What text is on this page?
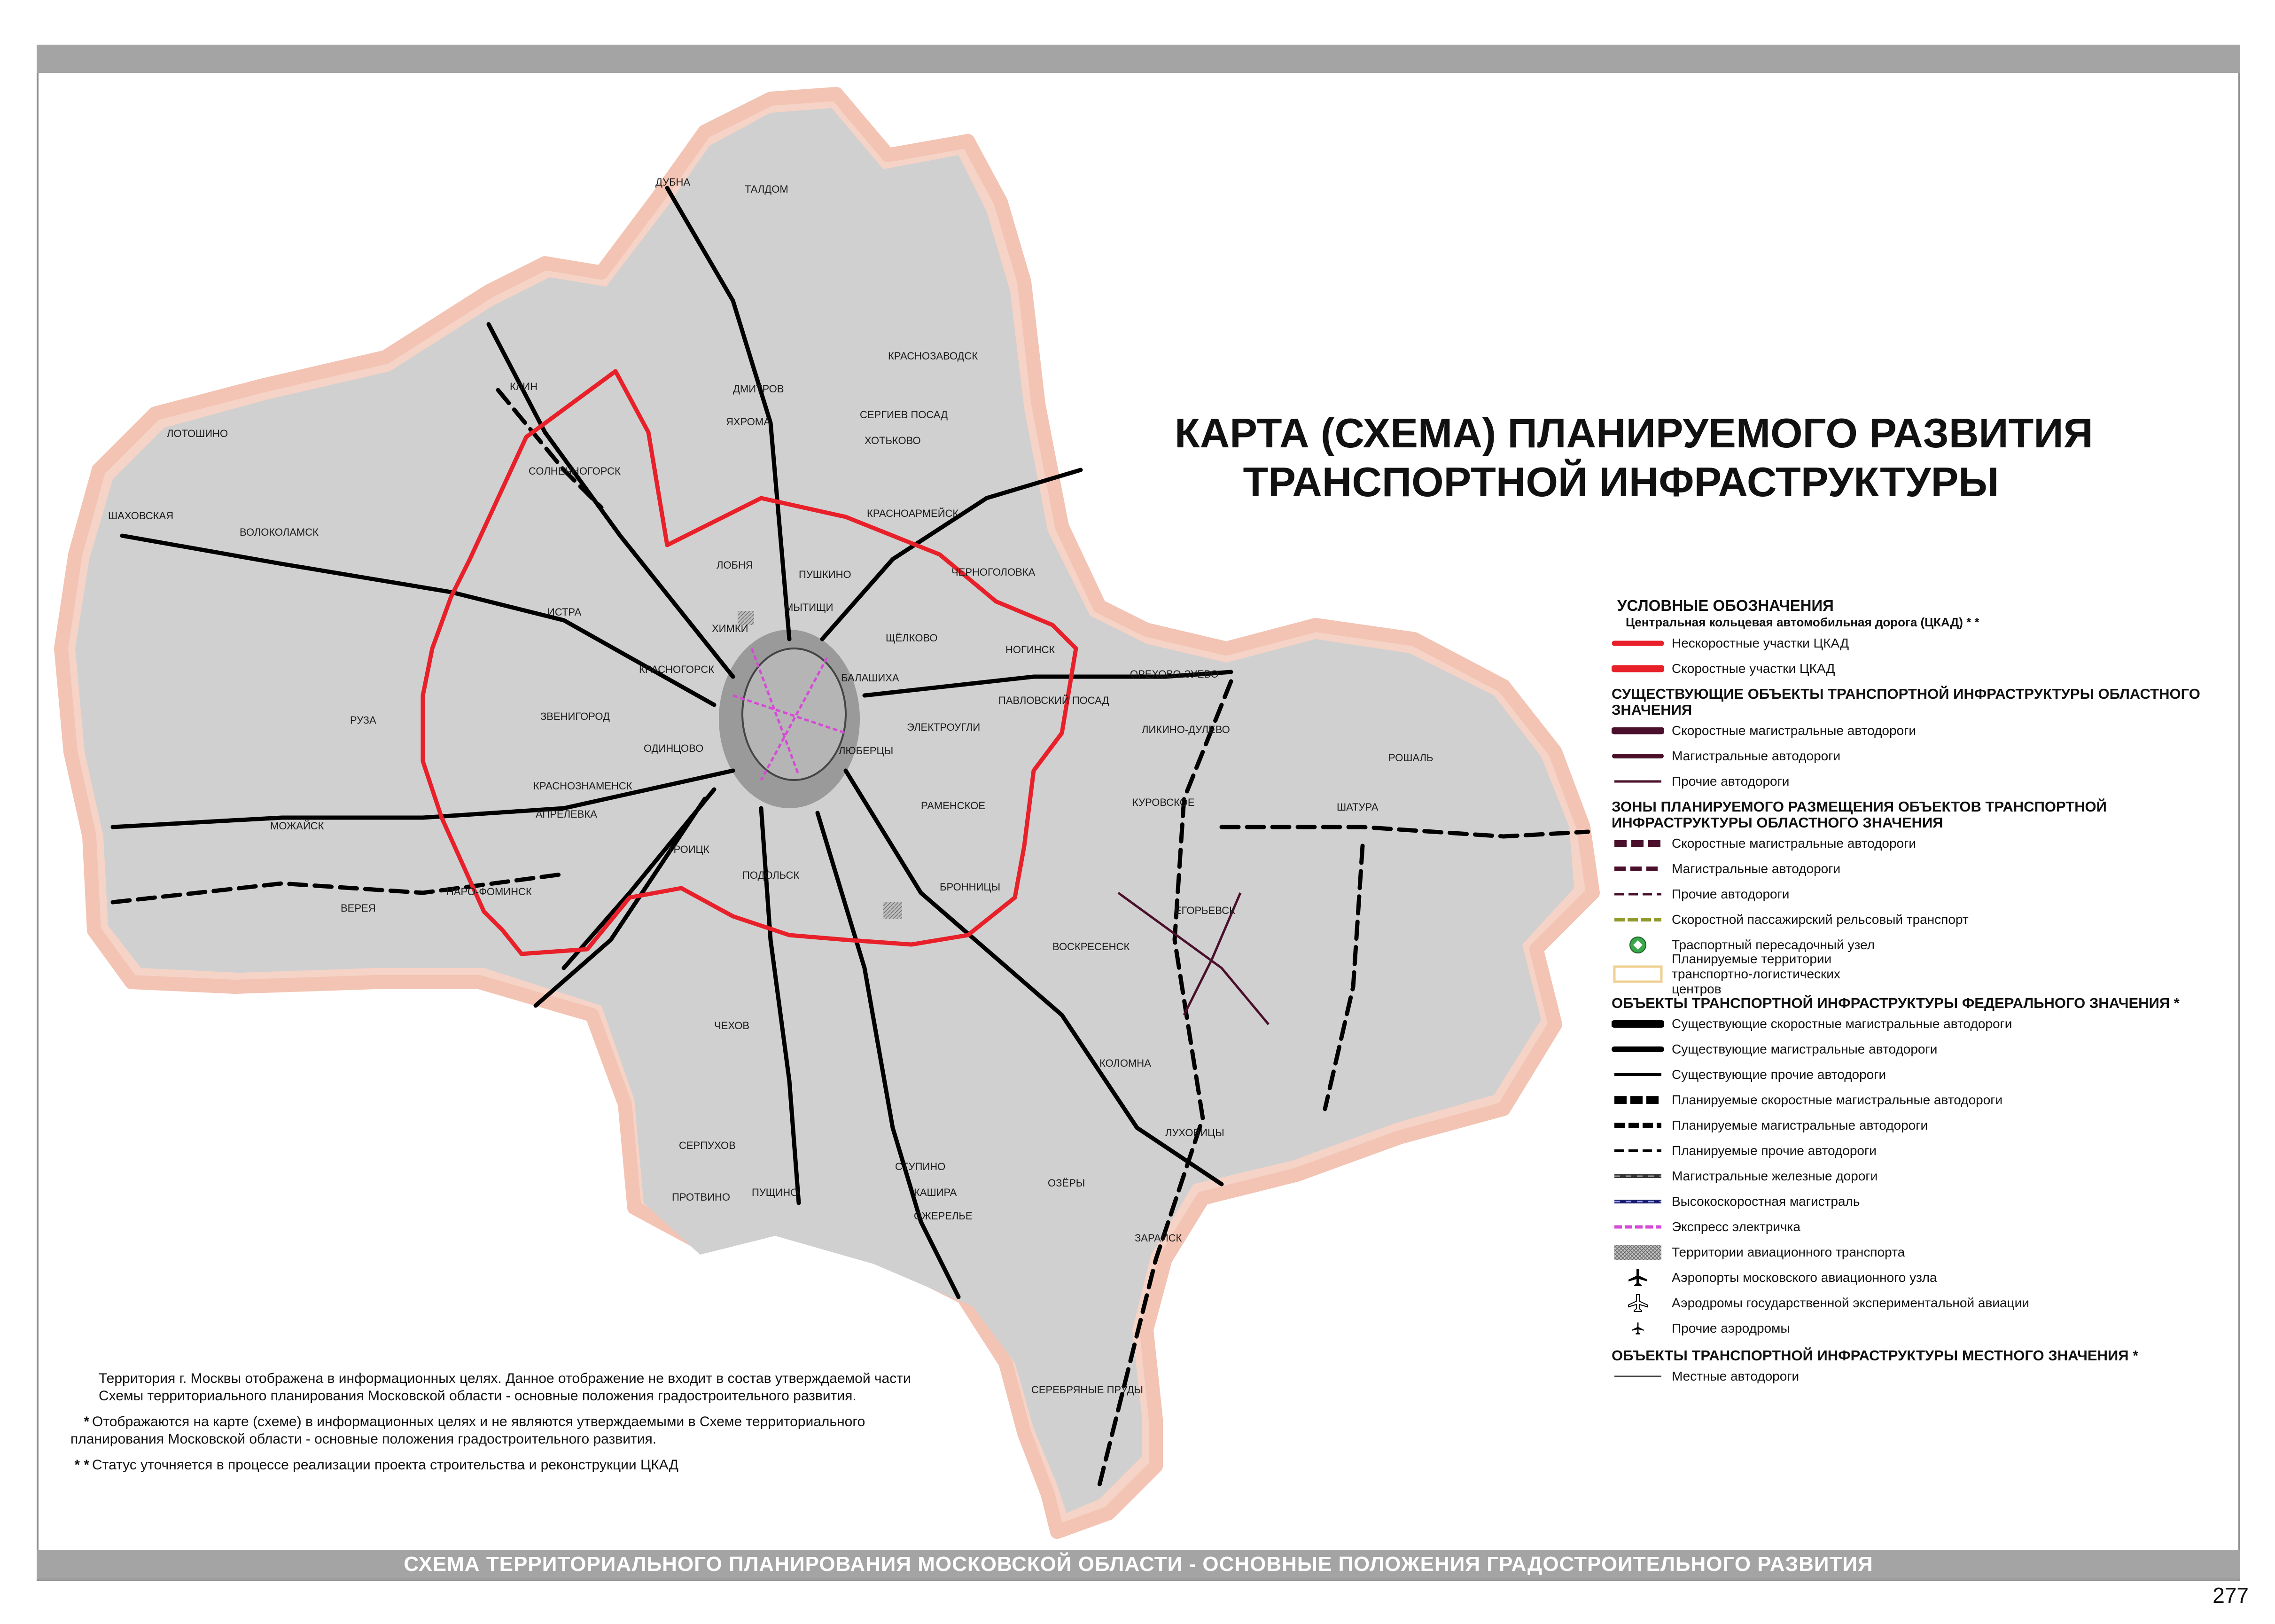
ДУБНА
ТАЛДОМ
КРАСНОЗАВОДСК
ДМИТРОВ
ЯХРОМА
СЕРГИЕВ ПОСАД
ХОТЬКОВО
КЛИН
ЛОТОШИНО
СОЛНЕЧНОГОРСК
КРАСНОАРМЕЙСК
ШАХОВСКАЯ
ВОЛОКОЛАМСК
ЛОБНЯ
ПУШКИНО	ЧЕРНОГОЛОВКА
МЫТИЩИ
ИСТРА
ХИМКИ
ЩЁЛКОВО
НОГИНСК
КРАСНОГОРСК
БАЛАШИХА	ОРЕХОВО-ЗУЕВО
ПАВЛОВСКИЙ ПОСАД
ЗВЕНИГОРОД
РУЗА
ОДИНЦОВО
ЭЛЕКТРОУГЛИ	ЛИКИНО-ДУЛЕВО
ЛЮБЕРЦЫ
РОШАЛЬ
КРАСНОЗНАМЕНСК
КУРОВСКОЕ	ШАТУРА
АПРЕЛЕВКА
РАМЕНСКОЕ
МОЖАЙСК
ТРОИЦК
НАРО-ФОМИНСК
ВЕРЕЯ
ПОДОЛЬСК
БРОННИЦЫ
ЕГОРЬЕВСК
ВОСКРЕСЕНСК
ЧЕХОВ
КОЛОМНА
ЛУХОВИЦЫ
СЕРПУХОВ
СТУПИНО
ПРОТВИНО ПУЩИНО	КАШИРА
ОЗЁРЫ
ОЖЕРЕЛЬЕ
ЗАРАЙСК
СЕРЕБРЯНЫЕ ПРУДЫ
КАРТА (СХЕМА) ПЛАНИРУЕМОГО РАЗВИТИЯ
ТРАНСПОРТНОЙ ИНФРАСТРУКТУРЫ
УСЛОВНЫЕ ОБОЗНАЧЕНИЯ
Центральная кольцевая автомобильная дорога (ЦКАД)
* *
Нескоростные участки ЦКАД
Скоростные участки ЦКАД
СУЩЕСТВУЮЩИЕ ОБЪЕКТЫ ТРАНСПОРТНОЙ ИНФРАСТРУКТУРЫ ОБЛАСТНОГО ЗНАЧЕНИЯ
Скоростные магистральные автодороги
Магистральные автодороги
Прочие автодороги
ЗОНЫ ПЛАНИРУЕМОГО РАЗМЕЩЕНИЯ ОБЪЕКТОВ ТРАНСПОРТНОЙ ИНФРАСТРУКТУРЫ ОБЛАСТНОГО ЗНАЧЕНИЯ
Скоростные магистральные автодороги
Магистральные автодороги
Прочие автодороги
Скоростной пассажирский рельсовый транспорт
Траспортный пересадочный узел
Планируемые территории транспортно-логистических центров
ОБЪЕКТЫ ТРАНСПОРТНОЙ ИНФРАСТРУКТУРЫ ФЕДЕРАЛЬНОГО ЗНАЧЕНИЯ *
Существующие скоростные магистральные автодороги
Существующие магистральные автодороги
Существующие прочие автодороги
Планируемые скоростные магистральные автодороги
Планируемые магистральные автодороги
Планируемые прочие автодороги
Магистральные железные дороги
Высокоскоростная магистраль
Экспресс электричка
Территории авиационного транспорта
Аэропорты московского авиационного узла
Аэродромы государственной экспериментальной авиации
Прочие аэродромы
ОБЪЕКТЫ ТРАНСПОРТНОЙ ИНФРАСТРУКТУРЫ МЕСТНОГО ЗНАЧЕНИЯ *
Местные автодороги

Территория г. Москвы отображена в информационных целях. Данное отображение не входит в состав утверждаемой части Схемы территориального планирования Московской области - основные положения градостроительного развития.

* Отображаются на карте (схеме) в информационных целях и не являются утверждаемыми в Схеме территориального планирования Московской области - основные положения градостроительного развития.

* * Статус уточняется в процессе реализации проекта строительства и реконструкции ЦКАД

СХЕМА ТЕРРИТОРИАЛЬНОГО ПЛАНИРОВАНИЯ МОСКОВСКОЙ ОБЛАСТИ - ОСНОВНЫЕ ПОЛОЖЕНИЯ ГРАДОСТРОИТЕЛЬНОГО РАЗВИТИЯ
277
